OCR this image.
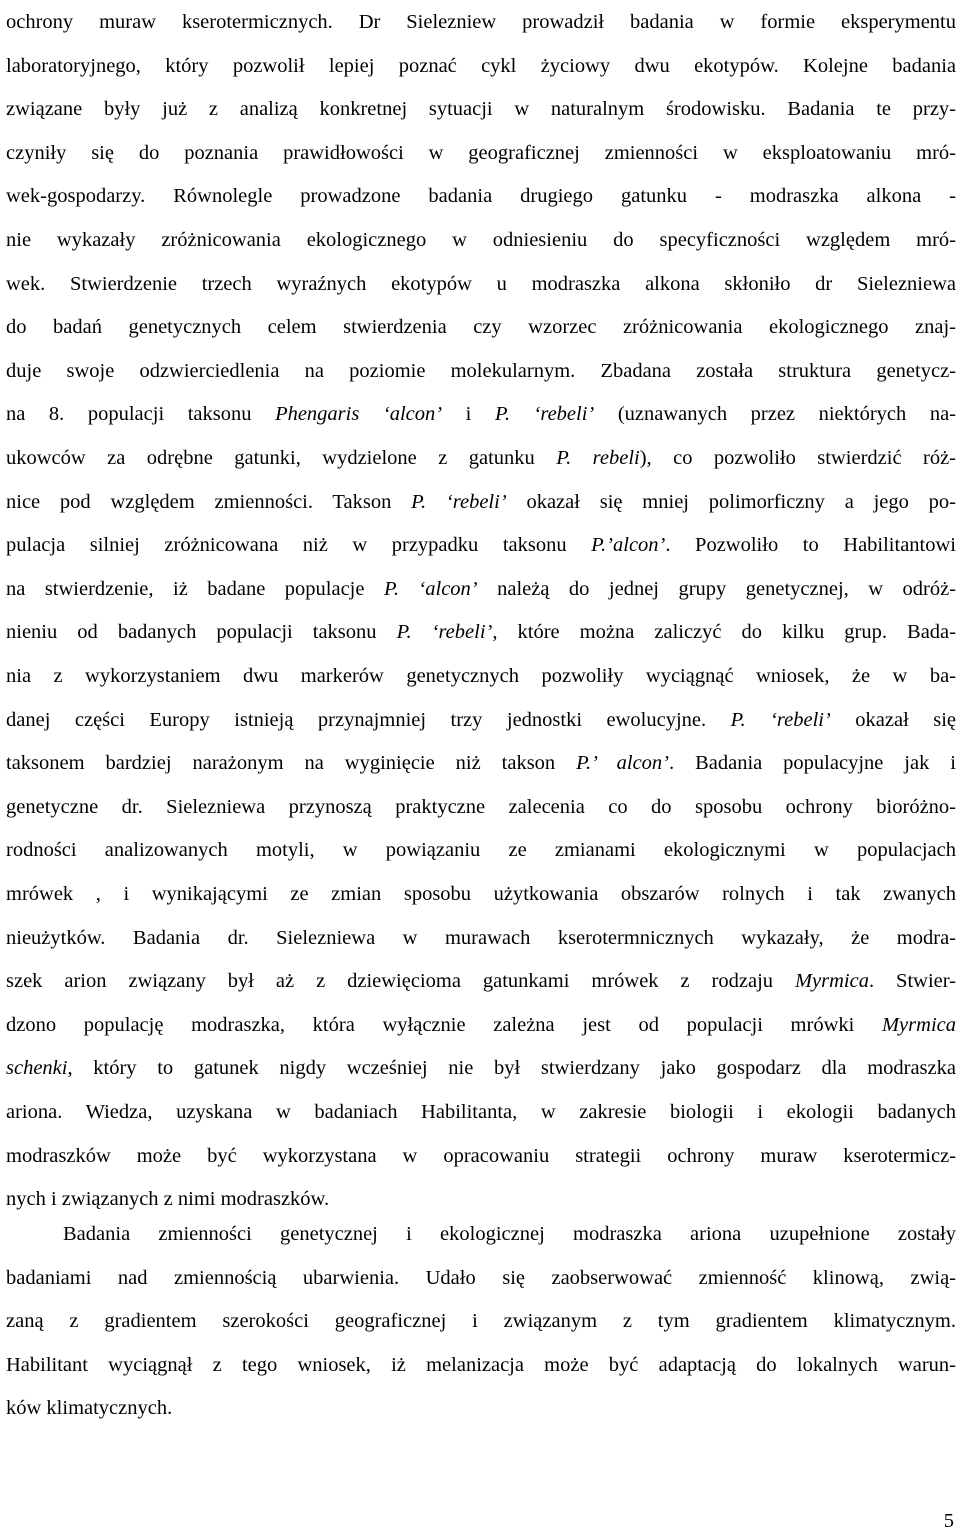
ochrony muraw kserotermicznych. Dr Sielezniew prowadził badania w formie eksperymentu
laboratoryjnego, który pozwolił lepiej poznać cykl życiowy dwu ekotypów. Kolejne badania
związane były już z analizą konkretnej sytuacji w naturalnym środowisku. Badania te przy-
czyniły się do poznania prawidłowości w geograficznej zmienności w eksploatowaniu mró-
wek-gospodarzy. Równolegle prowadzone badania drugiego gatunku - modraszka alkona -
nie wykazały zróżnicowania ekologicznego w odniesieniu do specyficzności względem mró-
wek. Stwierdzenie trzech wyraźnych ekotypów u modraszka alkona skłoniło dr Sielezniewa
do badań genetycznych celem stwierdzenia czy wzorzec zróżnicowania ekologicznego znaj-
duje swoje odzwierciedlenia na poziomie molekularnym. Zbadana została struktura genetycz-
na 8. populacji taksonu Phengaris ‘alcon’ i P. ‘rebeli’ (uznawanych przez niektórych na-
ukowców za odrębne gatunki, wydzielone z gatunku P. rebeli), co pozwoliło stwierdzić róż-
nice pod względem zmienności. Takson P. ‘rebeli’ okazał się mniej polimorficzny a jego po-
pulacja silniej zróżnicowana niż w przypadku taksonu P.’alcon’. Pozwoliło to Habilitantowi
na stwierdzenie, iż badane populacje P. ‘alcon’ należą do jednej grupy genetycznej, w odróż-
nieniu od badanych populacji taksonu P. ‘rebeli’, które można zaliczyć do kilku grup. Bada-
nia z wykorzystaniem dwu markerów genetycznych pozwoliły wyciągnąć wniosek, że w ba-
danej części Europy istnieją przynajmniej trzy jednostki ewolucyjne. P. ‘rebeli’ okazał się
taksonem bardziej narażonym na wyginięcie niż takson P.’ alcon’. Badania populacyjne jak i
genetyczne dr. Sielezniewa przynoszą praktyczne zalecenia co do sposobu ochrony bioróżno-
rodności analizowanych motyli, w powiązaniu ze zmianami ekologicznymi w populacjach
mrówek , i wynikającymi ze zmian sposobu użytkowania obszarów rolnych i tak zwanych
nieużytków. Badania dr. Sielezniewa w murawach kserotermnicznych wykazały, że modra-
szek arion związany był aż z dziewięcioma gatunkami mrówek z rodzaju Myrmica. Stwier-
dzono populację modraszka, która wyłącznie zależna jest od populacji mrówki Myrmica
schenki, który to gatunek nigdy wcześniej nie był stwierdzany jako gospodarz dla modraszka
ariona. Wiedza, uzyskana w badaniach Habilitanta, w zakresie biologii i ekologii badanych
modraszków może być wykorzystana w opracowaniu strategii ochrony muraw kserotermicz-
nych i związanych z nimi modraszków.
Badania zmienności genetycznej i ekologicznej modraszka ariona uzupełnione zostały
badaniami nad zmiennością ubarwienia. Udało się zaobserwować zmienność klinową, zwią-
zaną z gradientem szerokości geograficznej i związanym z tym gradientem klimatycznym.
Habilitant wyciągnął z tego wniosek, iż melanizacja może być adaptacją do lokalnych warun-
ków klimatycznych.
5
